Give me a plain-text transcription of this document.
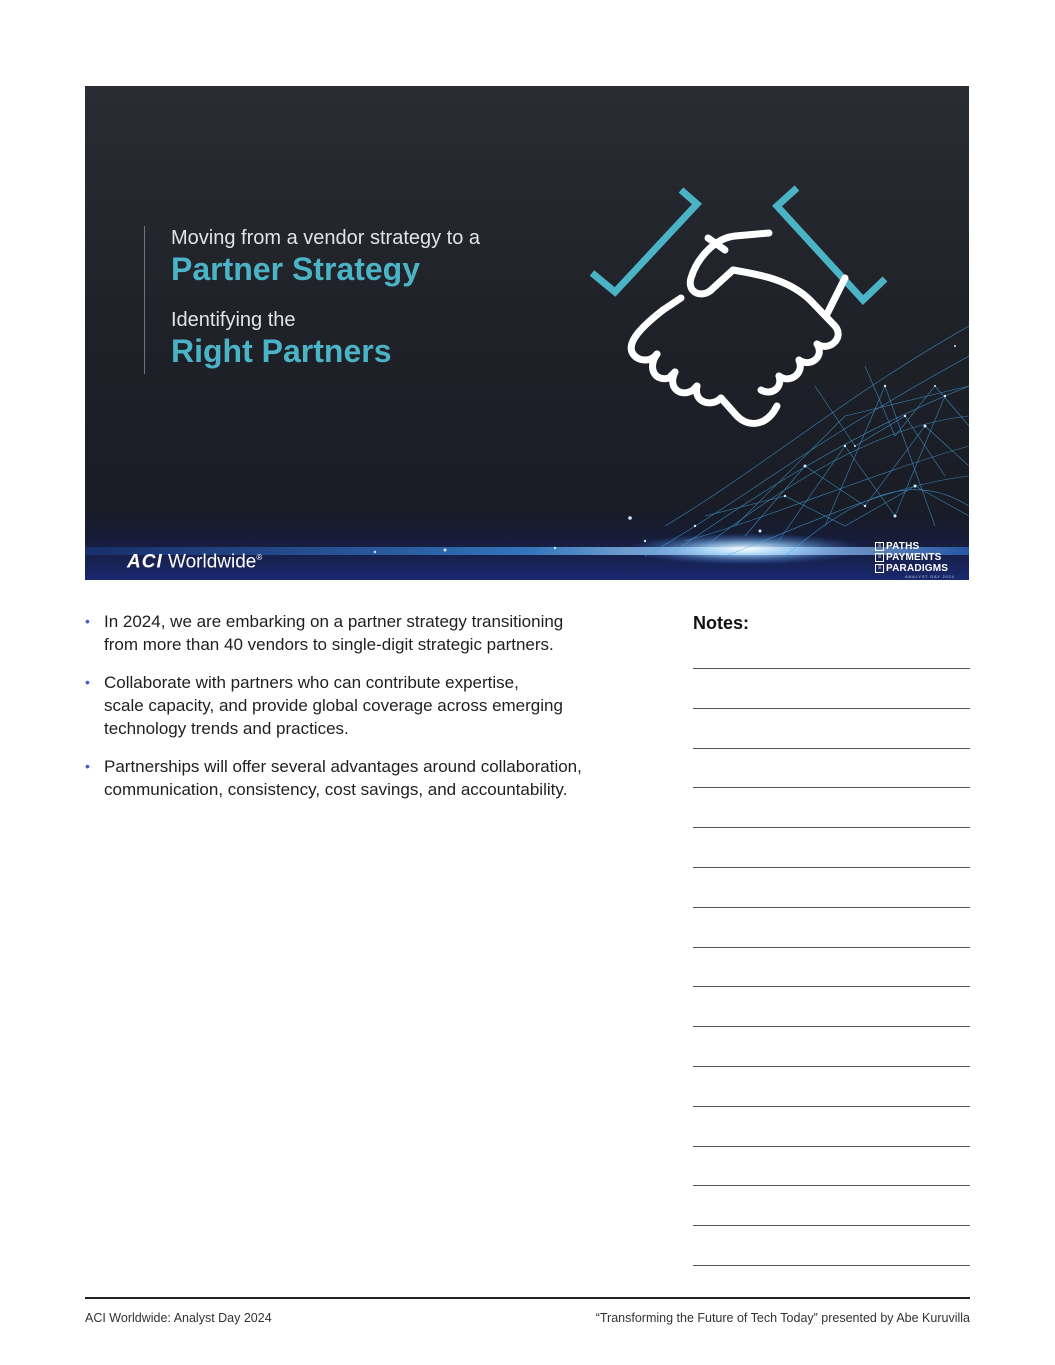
Moving from a vendor strategy to a
Partner Strategy
Identifying the
Right Partners
ACI Worldwide®
≡ PATHS
≡ PAYMENTS
≡ PARADIGMS
ANALYST DAY 2024
• In 2024, we are embarking on a partner strategy transitioning
from more than 40 vendors to single-digit strategic partners.
• Collaborate with partners who can contribute expertise,
scale capacity, and provide global coverage across emerging
technology trends and practices.
• Partnerships will offer several advantages around collaboration,
communication, consistency, cost savings, and accountability.
Notes:
ACI Worldwide: Analyst Day 2024	“Transforming the Future of Tech Today” presented by Abe Kuruvilla
